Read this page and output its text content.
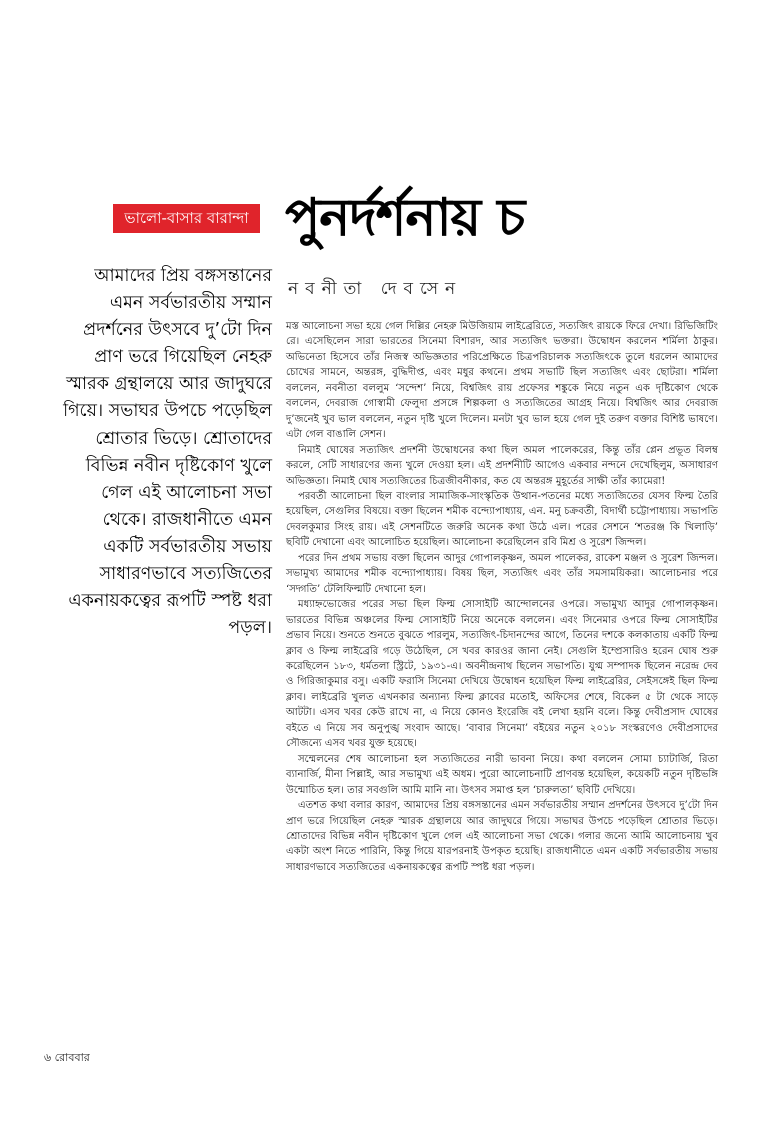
ভালো-বাসার বারান্দা পুনর্দর্শনায় চ
নবনীতা দেবসেন

আমাদের প্রিয় বঙ্গসন্তানের এমন সর্বভারতীয় সম্মান প্রদর্শনের উৎসবে দু’টো দিন প্রাণ ভরে গিয়েছিল নেহরু স্মারক গ্রন্থালয়ে আর জাদুঘরে গিয়ে। সভাঘর উপচে পড়েছিল শ্রোতার ভিড়ে। শ্রোতাদের বিভিন্ন নবীন দৃষ্টিকোণ খুলে গেল এই আলোচনা সভা থেকে। রাজধানীতে এমন একটি সর্বভারতীয় সভায় সাধারণভাবে সত্যজিতের একনায়কত্বের রূপটি স্পষ্ট ধরা পড়ল।

মস্ত আলোচনা সভা হয়ে গেল দিল্লির নেহরু মিউজিয়াম লাইব্রেরিতে, সত্যজিৎ রায়কে ফিরে দেখা। রিভিজিটিং রে। এসেছিলেন সারা ভারতের সিনেমা বিশারদ, আর সত্যজিৎ ভক্তরা। উদ্বোধন করলেন শর্মিলা ঠাকুর। অভিনেতা হিসেবে তাঁর নিজস্ব অভিজ্ঞতার পরিপ্রেক্ষিতে চিত্রপরিচালক সত্যজিৎকে তুলে ধরলেন আমাদের চোখের সামনে, অন্তরঙ্গ, বুদ্ধিদীপ্ত, এবং মধুর কথনে। প্রথম সভাটি ছিল সত্যজিৎ এবং ছোটরা। শর্মিলা বললেন, নবনীতা বললুম ‘সন্দেশ’ নিয়ে, বিশ্বজিৎ রায় প্রফেসর শঙ্কুকে নিয়ে নতুন এক দৃষ্টিকোণ থেকে বললেন, দেবরাজ গোস্বামী ফেলুদা প্রসঙ্গে শিল্পকলা ও সত্যজিতের আগ্রহ নিয়ে। বিশ্বজিৎ আর দেবরাজ দু’জনেই খুব ভাল বললেন, নতুন দৃষ্টি খুলে দিলেন। মনটা খুব ভাল হয়ে গেল দুই তরুণ বক্তার বিশিষ্ট ভাষণে। এটা গেল বাঙালি সেশন।

নিমাই ঘোষের সত্যজিৎ প্রদর্শনী উদ্বোধনের কথা ছিল অমল পালেকরের, কিন্তু তাঁর প্লেন প্রভূত বিলম্ব করলে, সেটি সাধারণের জন্য খুলে দেওয়া হল। এই প্রদর্শনীটি আগেও একবার নন্দনে দেখেছিলুম, অসাধারণ অভিজ্ঞতা। নিমাই ঘোষ সত্যজিতের চিত্রজীবনীকার, কত যে অন্তরঙ্গ মুহূর্তের সাক্ষী তাঁর ক্যামেরা!

পরবর্তী আলোচনা ছিল বাংলার সামাজিক-সাংস্কৃতিক উত্থান-পতনের মধ্যে সত্যজিতের যেসব ফিল্ম তৈরি হয়েছিল, সেগুলির বিষয়ে। বক্তা ছিলেন শমীক বন্দ্যোপাধ্যায়, এন. মনু চক্রবর্তী, বিদার্থী চট্টোপাধ্যায়। সভাপতি দেবলকুমার সিংহ রায়। এই সেশনটিতে জরুরি অনেক কথা উঠে এল। পরের সেশনে ‘শতরঞ্জ কি খিলাড়ি’ ছবিটি দেখানো এবং আলোচিত হয়েছিল। আলোচনা করেছিলেন রবি মিশ্র ও সুরেশ জিন্দল।

পরের দিন প্রথম সভায় বক্তা ছিলেন আদুর গোপালকৃষ্ণন, অমল পালেকর, রাকেশ মঞ্জল ও সুরেশ জিন্দল। সভামুখ্য আমাদের শমীক বন্দ্যোপাধ্যায়। বিষয় ছিল, সত্যজিৎ এবং তাঁর সমসাময়িকরা। আলোচনার পরে ‘সদ্গতি’ টেলিফিল্মটি দেখানো হল।

মধ্যাহ্নভোজের পরের সভা ছিল ফিল্ম সোসাইটি আন্দোলনের ওপরে। সভামুখ্য আদুর গোপালকৃষ্ণন। ভারতের বিভিন্ন অঞ্চলের ফিল্ম সোসাইটি নিয়ে অনেকে বললেন। এবং সিনেমার ওপরে ফিল্ম সোসাইটির প্রভাব নিয়ে। শুনতে শুনতে বুঝতে পারলুম, সত্যজিৎ-চিদানন্দের আগে, তিনের দশকে কলকাতায় একটি ফিল্ম ক্লাব ও ফিল্ম লাইব্রেরি গড়ে উঠেছিল, সে খবর কারওর জানা নেই। সেগুলি ইম্প্রেসারিও হরেন ঘোষ শুরু করেছিলেন ১৮৩, ধর্মতলা স্ট্রিটে, ১৯৩১-এ। অবনীন্দ্রনাথ ছিলেন সভাপতি। যুগ্ম সম্পাদক ছিলেন নরেন্দ্র দেব ও গিরিজাকুমার বসু। একটি ফরাসি সিনেমা দেখিয়ে উদ্বোধন হয়েছিল ফিল্ম লাইব্রেরির, সেইসঙ্গেই ছিল ফিল্ম ক্লাব। লাইব্রেরি খুলত এখনকার অন্যান্য ফিল্ম ক্লাবের মতোই, অফিসের শেষে, বিকেল ৫ টা থেকে সাড়ে আটটা। এসব খবর কেউ রাখে না, এ নিয়ে কোনও ইংরেজি বই লেখা হয়নি বলে। কিন্তু দেবীপ্রসাদ ঘোষের বইতে এ নিয়ে সব অনুপুঙ্খ সংবাদ আছে। ‘বাবার সিনেমা’ বইয়ের নতুন ২০১৮ সংস্করণেও দেবীপ্রসাদের সৌজন্যে এসব খবর যুক্ত হয়েছে।

সম্মেলনের শেষ আলোচনা হল সত্যজিতের নারী ভাবনা নিয়ে। কথা বললেন সোমা চ্যাটার্জি, রিতা ব্যানার্জি, মীনা পিল্লাই, আর সভামুখ্য এই অধম। পুরো আলোচনাটি প্রাণবন্ত হয়েছিল, কয়েকটি নতুন দৃষ্টিভঙ্গি উন্মোচিত হল। তার সবগুলি আমি মানি না। উৎসব সমাপ্ত হল ‘চারুলতা’ ছবিটি দেখিয়ে।

এতশত কথা বলার কারণ, আমাদের প্রিয় বঙ্গসন্তানের এমন সর্বভারতীয় সম্মান প্রদর্শনের উৎসবে দু’টো দিন প্রাণ ভরে গিয়েছিল নেহরু স্মারক গ্রন্থালয়ে আর জাদুঘরে গিয়ে। সভাঘর উপচে পড়েছিল শ্রোতার ভিড়ে। শ্রোতাদের বিভিন্ন নবীন দৃষ্টিকোণ খুলে গেল এই আলোচনা সভা থেকে। গলার জন্যে আমি আলোচনায় খুব একটা অংশ নিতে পারিনি, কিন্তু গিয়ে যারপরনাই উপকৃত হয়েছি। রাজধানীতে এমন একটি সর্বভারতীয় সভায় সাধারণভাবে সত্যজিতের একনায়কত্বের রূপটি স্পষ্ট ধরা পড়ল।

৬ রোববার
